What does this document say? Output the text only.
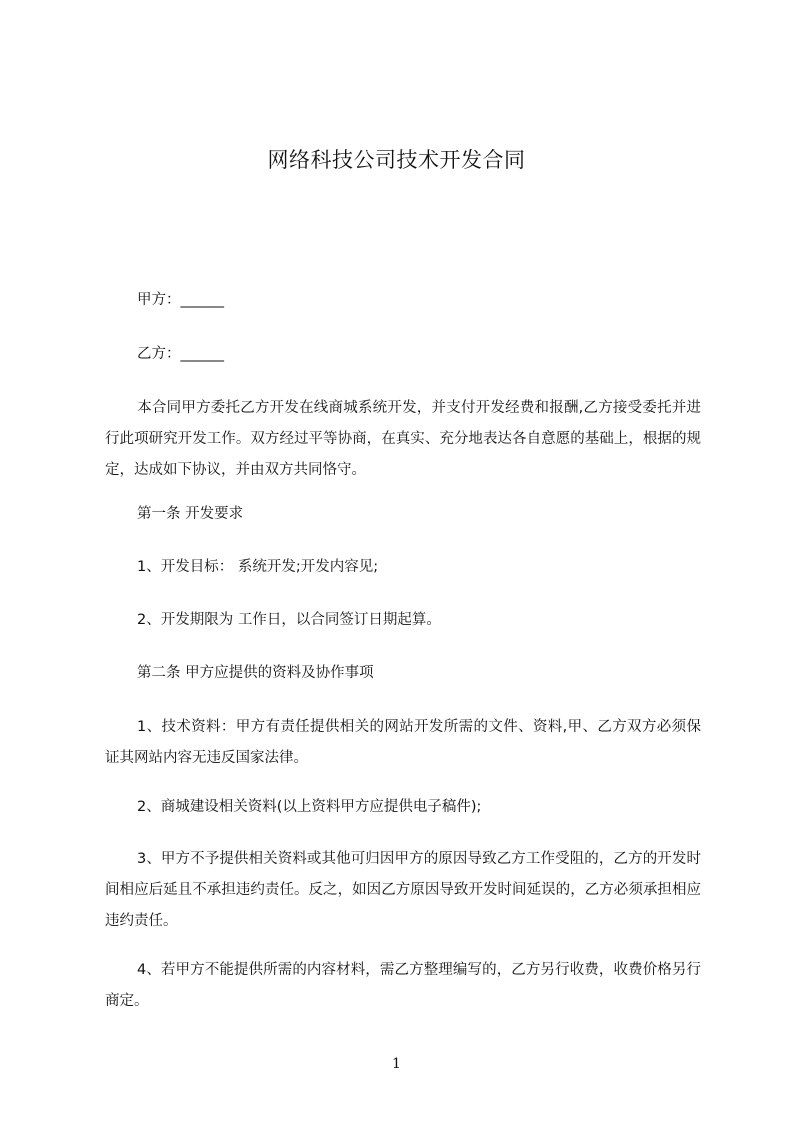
网络科技公司技术开发合同
甲方：______
乙方：______
本合同甲方委托乙方开发在线商城系统开发，并支付开发经费和报酬,乙方接受委托并进行此项研究开发工作。双方经过平等协商，在真实、充分地表达各自意愿的基础上，根据的规定，达成如下协议，并由双方共同恪守。
第一条 开发要求
1、开发目标： 系统开发;开发内容见;
2、开发期限为 工作日，以合同签订日期起算。
第二条 甲方应提供的资料及协作事项
1、技术资料：甲方有责任提供相关的网站开发所需的文件、资料,甲、乙方双方必须保证其网站内容无违反国家法律。
2、商城建设相关资料(以上资料甲方应提供电子稿件);
3、甲方不予提供相关资料或其他可归因甲方的原因导致乙方工作受阻的，乙方的开发时间相应后延且不承担违约责任。反之，如因乙方原因导致开发时间延误的，乙方必须承担相应违约责任。
4、若甲方不能提供所需的内容材料，需乙方整理编写的，乙方另行收费，收费价格另行商定。
1
